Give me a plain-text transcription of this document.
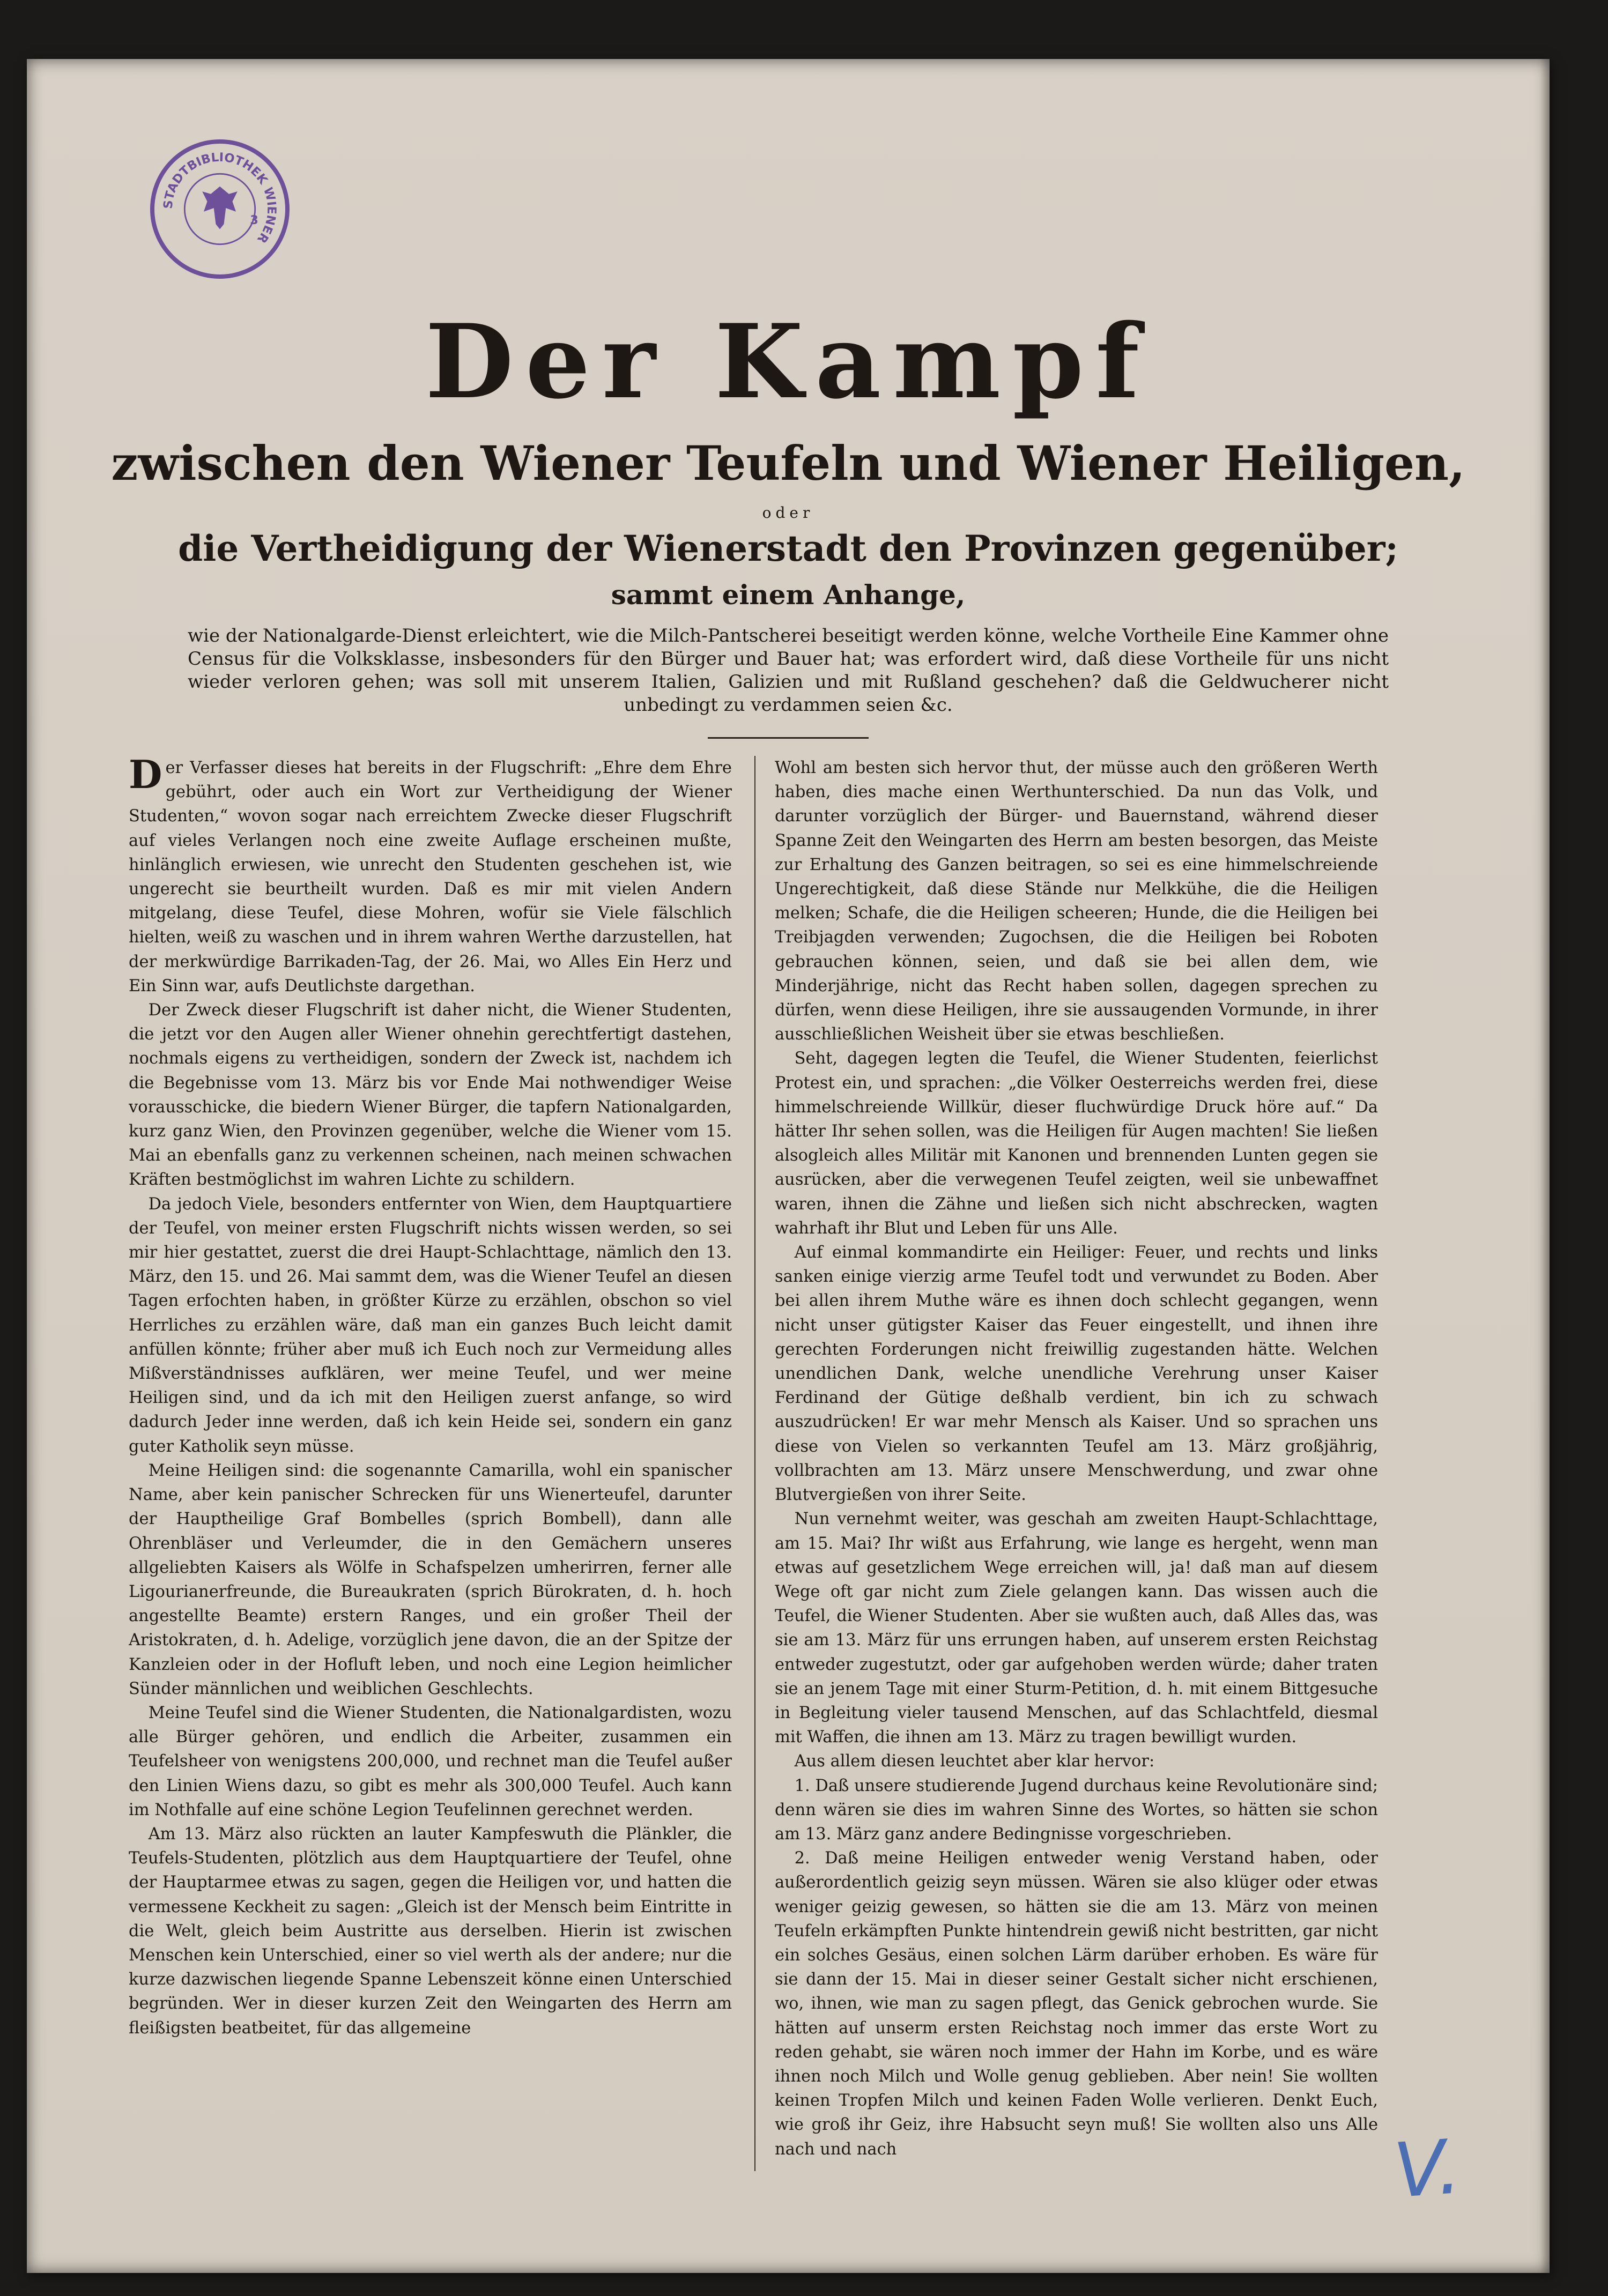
STADTBIBLIOTHEK WIENER
3
Der Kampf
zwischen den Wiener Teufeln und Wiener Heiligen,
oder
die Vertheidigung der Wienerstadt den Provinzen gegenüber;
sammt einem Anhange,
wie der Nationalgarde-Dienst erleichtert, wie die Milch-Pantscherei beseitigt werden könne, welche Vortheile Eine Kammer ohne Census für die Volksklasse, insbesonders für den Bürger und Bauer hat; was erfordert wird, daß diese Vortheile für uns nicht wieder verloren gehen; was soll mit unserem Italien, Galizien und mit Rußland geschehen? daß die Geldwucherer nicht unbedingt zu verdammen seien &c.

Der Verfasser dieses hat bereits in der Flugschrift: „Ehre dem Ehre gebührt, oder auch ein Wort zur Vertheidigung der Wiener Studenten,“ wovon sogar nach erreichtem Zwecke dieser Flugschrift auf vieles Verlangen noch eine zweite Auflage erscheinen mußte, hinlänglich erwiesen, wie unrecht den Studenten geschehen ist, wie ungerecht sie beurtheilt wurden. Daß es mir mit vielen Andern mitgelang, diese Teufel, diese Mohren, wofür sie Viele fälschlich hielten, weiß zu waschen und in ihrem wahren Werthe darzustellen, hat der merkwürdige Barrikaden-Tag, der 26. Mai, wo Alles Ein Herz und Ein Sinn war, aufs Deutlichste dargethan.

Der Zweck dieser Flugschrift ist daher nicht, die Wiener Studenten, die jetzt vor den Augen aller Wiener ohnehin gerechtfertigt dastehen, nochmals eigens zu vertheidigen, sondern der Zweck ist, nachdem ich die Begebnisse vom 13. März bis vor Ende Mai nothwendiger Weise vorausschicke, die biedern Wiener Bürger, die tapfern Nationalgarden, kurz ganz Wien, den Provinzen gegenüber, welche die Wiener vom 15. Mai an ebenfalls ganz zu verkennen scheinen, nach meinen schwachen Kräften bestmöglichst im wahren Lichte zu schildern.

Da jedoch Viele, besonders entfernter von Wien, dem Hauptquartiere der Teufel, von meiner ersten Flugschrift nichts wissen werden, so sei mir hier gestattet, zuerst die drei Haupt-Schlachttage, nämlich den 13. März, den 15. und 26. Mai sammt dem, was die Wiener Teufel an diesen Tagen erfochten haben, in größter Kürze zu erzählen, obschon so viel Herrliches zu erzählen wäre, daß man ein ganzes Buch leicht damit anfüllen könnte; früher aber muß ich Euch noch zur Vermeidung alles Mißverständnisses aufklären, wer meine Teufel, und wer meine Heiligen sind, und da ich mit den Heiligen zuerst anfange, so wird dadurch Jeder inne werden, daß ich kein Heide sei, sondern ein ganz guter Katholik seyn müsse.

Meine Heiligen sind: die sogenannte Camarilla, wohl ein spanischer Name, aber kein panischer Schrecken für uns Wienerteufel, darunter der Hauptheilige Graf Bombelles (sprich Bombell), dann alle Ohrenbläser und Verleumder, die in den Gemächern unseres allgeliebten Kaisers als Wölfe in Schafspelzen umherirren, ferner alle Ligourianerfreunde, die Bureaukraten (sprich Bürokraten, d. h. hoch angestellte Beamte) erstern Ranges, und ein großer Theil der Aristokraten, d. h. Adelige, vorzüglich jene davon, die an der Spitze der Kanzleien oder in der Hofluft leben, und noch eine Legion heimlicher Sünder männlichen und weiblichen Geschlechts.

Meine Teufel sind die Wiener Studenten, die Nationalgardisten, wozu alle Bürger gehören, und endlich die Arbeiter, zusammen ein Teufelsheer von wenigstens 200,000, und rechnet man die Teufel außer den Linien Wiens dazu, so gibt es mehr als 300,000 Teufel. Auch kann im Nothfalle auf eine schöne Legion Teufelinnen gerechnet werden.

Am 13. März also rückten an lauter Kampfeswuth die Plänkler, die Teufels-Studenten, plötzlich aus dem Hauptquartiere der Teufel, ohne der Hauptarmee etwas zu sagen, gegen die Heiligen vor, und hatten die vermessene Keckheit zu sagen: „Gleich ist der Mensch beim Eintritte in die Welt, gleich beim Austritte aus derselben. Hierin ist zwischen Menschen kein Unterschied, einer so viel werth als der andere; nur die kurze dazwischen liegende Spanne Lebenszeit könne einen Unterschied begründen. Wer in dieser kurzen Zeit den Weingarten des Herrn am fleißigsten beatbeitet, für das allgemeine

Wohl am besten sich hervor thut, der müsse auch den größeren Werth haben, dies mache einen Werthunterschied. Da nun das Volk, und darunter vorzüglich der Bürger- und Bauernstand, während dieser Spanne Zeit den Weingarten des Herrn am besten besorgen, das Meiste zur Erhaltung des Ganzen beitragen, so sei es eine himmelschreiende Ungerechtigkeit, daß diese Stände nur Melkkühe, die die Heiligen melken; Schafe, die die Heiligen scheeren; Hunde, die die Heiligen bei Treibjagden verwenden; Zugochsen, die die Heiligen bei Roboten gebrauchen können, seien, und daß sie bei allen dem, wie Minderjährige, nicht das Recht haben sollen, dagegen sprechen zu dürfen, wenn diese Heiligen, ihre sie aussaugenden Vormunde, in ihrer ausschließlichen Weisheit über sie etwas beschließen.

Seht, dagegen legten die Teufel, die Wiener Studenten, feierlichst Protest ein, und sprachen: „die Völker Oesterreichs werden frei, diese himmelschreiende Willkür, dieser fluchwürdige Druck höre auf.“ Da hätter Ihr sehen sollen, was die Heiligen für Augen machten! Sie ließen alsogleich alles Militär mit Kanonen und brennenden Lunten gegen sie ausrücken, aber die verwegenen Teufel zeigten, weil sie unbewaffnet waren, ihnen die Zähne und ließen sich nicht abschrecken, wagten wahrhaft ihr Blut und Leben für uns Alle.

Auf einmal kommandirte ein Heiliger: Feuer, und rechts und links sanken einige vierzig arme Teufel todt und verwundet zu Boden. Aber bei allen ihrem Muthe wäre es ihnen doch schlecht gegangen, wenn nicht unser gütigster Kaiser das Feuer eingestellt, und ihnen ihre gerechten Forderungen nicht freiwillig zugestanden hätte. Welchen unendlichen Dank, welche unendliche Verehrung unser Kaiser Ferdinand der Gütige deßhalb verdient, bin ich zu schwach auszudrücken! Er war mehr Mensch als Kaiser. Und so sprachen uns diese von Vielen so verkannten Teufel am 13. März großjährig, vollbrachten am 13. März unsere Menschwerdung, und zwar ohne Blutvergießen von ihrer Seite.

Nun vernehmt weiter, was geschah am zweiten Haupt-Schlachttage, am 15. Mai? Ihr wißt aus Erfahrung, wie lange es hergeht, wenn man etwas auf gesetzlichem Wege erreichen will, ja! daß man auf diesem Wege oft gar nicht zum Ziele gelangen kann. Das wissen auch die Teufel, die Wiener Studenten. Aber sie wußten auch, daß Alles das, was sie am 13. März für uns errungen haben, auf unserem ersten Reichstag entweder zugestutzt, oder gar aufgehoben werden würde; daher traten sie an jenem Tage mit einer Sturm-Petition, d. h. mit einem Bittgesuche in Begleitung vieler tausend Menschen, auf das Schlachtfeld, diesmal mit Waffen, die ihnen am 13. März zu tragen bewilligt wurden.

Aus allem diesen leuchtet aber klar hervor:

1. Daß unsere studierende Jugend durchaus keine Revolutionäre sind; denn wären sie dies im wahren Sinne des Wortes, so hätten sie schon am 13. März ganz andere Bedingnisse vorgeschrieben.

2. Daß meine Heiligen entweder wenig Verstand haben, oder außerordentlich geizig seyn müssen. Wären sie also klüger oder etwas weniger geizig gewesen, so hätten sie die am 13. März von meinen Teufeln erkämpften Punkte hintendrein gewiß nicht bestritten, gar nicht ein solches Gesäus, einen solchen Lärm darüber erhoben. Es wäre für sie dann der 15. Mai in dieser seiner Gestalt sicher nicht erschienen, wo, ihnen, wie man zu sagen pflegt, das Genick gebrochen wurde. Sie hätten auf unserm ersten Reichstag noch immer das erste Wort zu reden gehabt, sie wären noch immer der Hahn im Korbe, und es wäre ihnen noch Milch und Wolle genug geblieben. Aber nein! Sie wollten keinen Tropfen Milch und keinen Faden Wolle verlieren. Denkt Euch, wie groß ihr Geiz, ihre Habsucht seyn muß! Sie wollten also uns Alle nach und nach	V.
